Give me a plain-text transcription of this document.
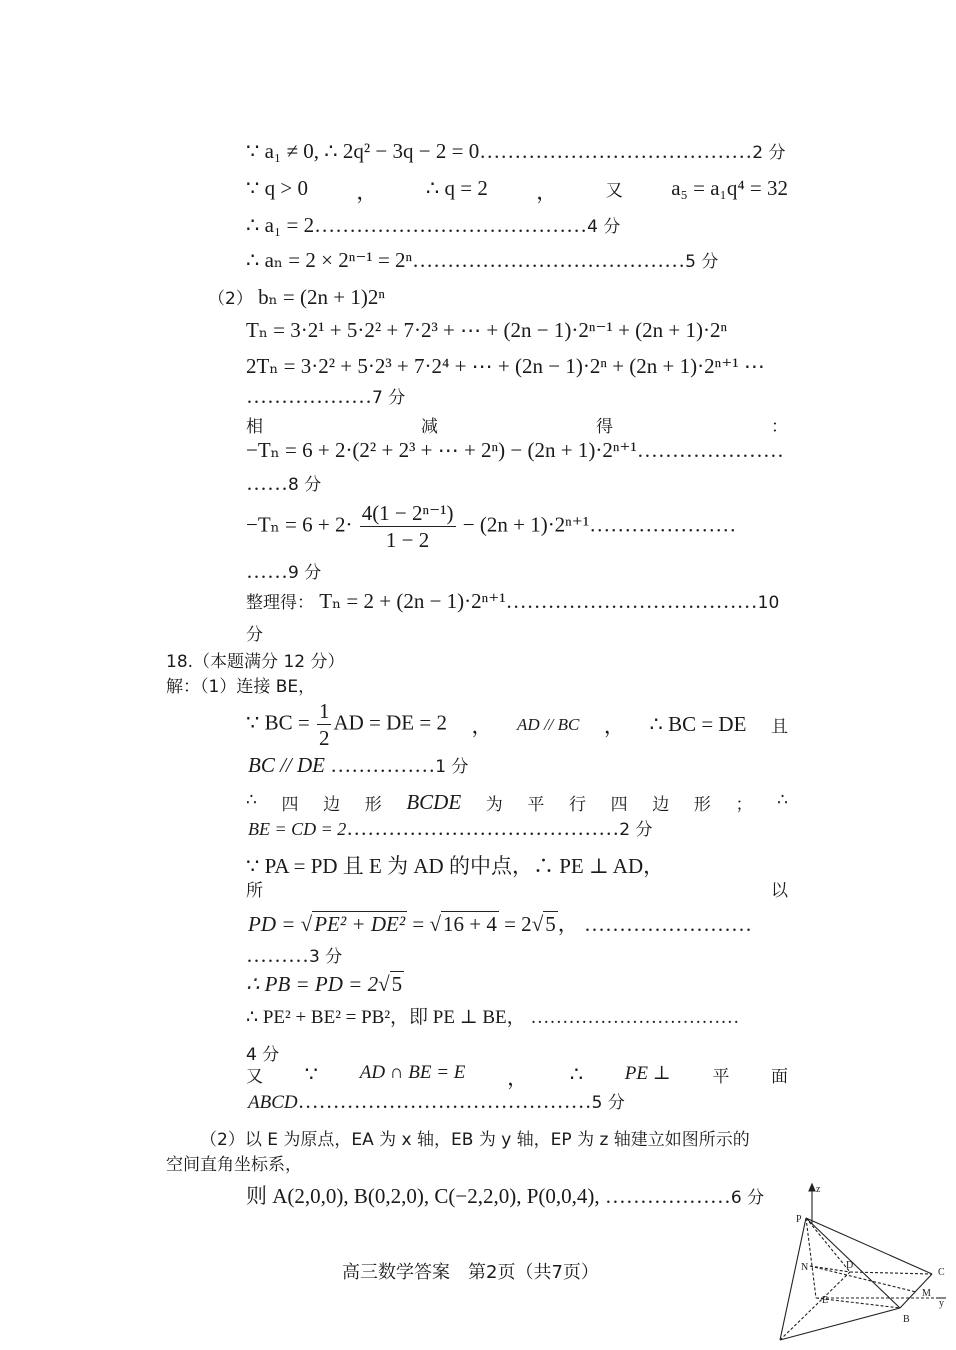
∵ a₁ ≠ 0, ∴ 2q² − 3q − 2 = 0…………………………………2 分
∵ q > 0 ， ∴ q = 2 ，	又 a₅ = a₁q⁴ = 32
∴ a₁ = 2…………………………………4 分
∴ aₙ = 2 × 2ⁿ⁻¹ = 2ⁿ…………………………………5 分
（2） bₙ = (2n + 1)2ⁿ
Tₙ = 3·2¹ + 5·2² + 7·2³ + ⋯ + (2n − 1)·2ⁿ⁻¹ + (2n + 1)·2ⁿ
2Tₙ = 3·2² + 5·2³ + 7·2⁴ + ⋯ + (2n − 1)·2ⁿ + (2n + 1)·2ⁿ⁺¹ ⋯
………………7 分
相	减	得	：
−Tₙ = 6 + 2·(2² + 2³ + ⋯ + 2ⁿ) − (2n + 1)·2ⁿ⁺¹…………………
……8 分
$-T_n = 6 + 2\cdot \frac{\text{4(1 − 2ⁿ⁻¹)}}{1 - 2} - (2n$ + 1)·2ⁿ⁺¹…………………
……9 分
整理得： Tₙ = 2 + (2n − 1)·2ⁿ⁺¹………………………………10
分
18.（本题满分 12 分）
解：（1）连接 BE，
∵ BC = $\frac{1}{2}$ AD = DE = 2 ， AD // BC ， ∴ BC = DE 且
BC // DE ……………1 分
∴ 四 边 形 BCDE 为 平 行 四 边 形 ； ∴
BE = CD = 2…………………………………2 分
∵ PA = PD 且 E 为 AD 的中点，∴ PE ⊥ AD，
所	以
PD = √PE² + DE² = √16 + 4 = 2√5， ……………………
………3 分
∴ PB = PD = 2√5
∴ PE² + BE² = PB²，即 PE ⊥ BE， ……………………………
4 分
又 ∵ AD ∩ BE = E ， ∴ PE ⊥ 平 面
ABCD……………………………………5 分
（2）以 E 为原点，EA 为 x 轴，EB 为 y 轴，EP 为 z 轴建立如图所示的
空间直角坐标系，
则 A(2,0,0), B(0,2,0), C(−2,2,0), P(0,0,4), ………………6 分
高三数学答案　第2页（共7页）
z
P
N	D
C
E
M
B
y
